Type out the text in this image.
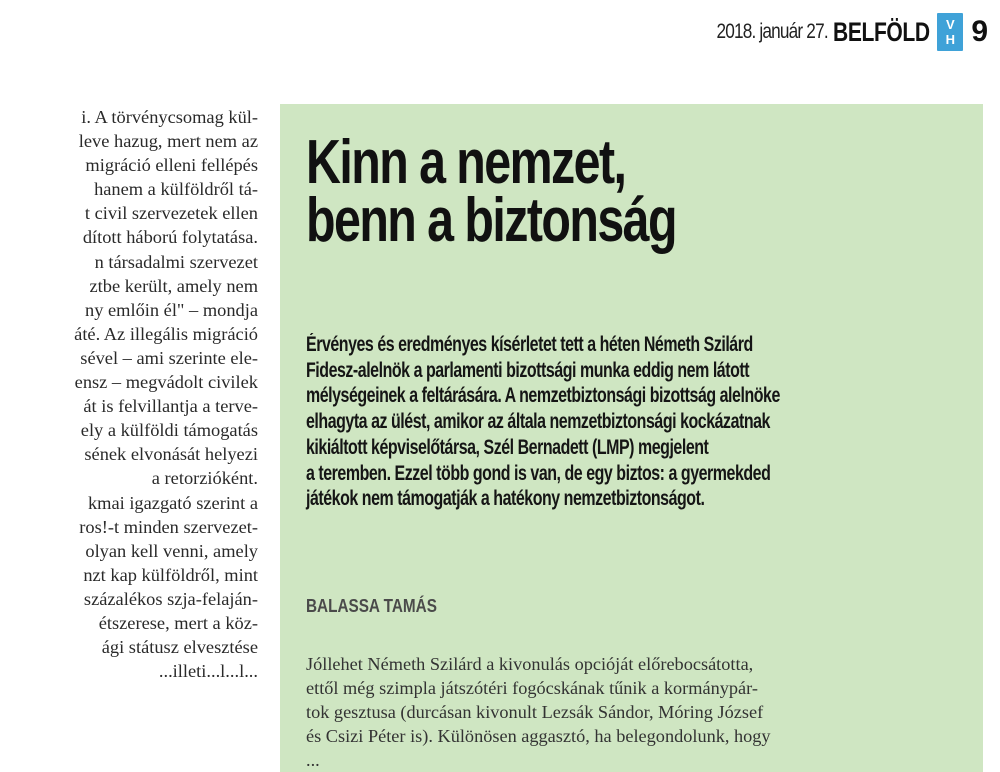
2018. január 27. BELFÖLD V
H 9
i. A törvénycsomag kül-
leve hazug, mert nem az
migráció elleni fellépés
hanem a külföldről tá-
t civil szervezetek ellen
dított háború folytatása.
n társadalmi szervezet
ztbe került, amely nem
ny emlőin él" – mondja
áté. Az illegális migráció
sével – ami szerinte ele-
ensz – megvádolt civilek
át is felvillantja a terve-
ely a külföldi támogatás
sének elvonását helyezi
a retorzióként.
kmai igazgató szerint a
ros!-t minden szervezet-
olyan kell venni, amely
nzt kap külföldről, mint
százalékos szja-felaján-
étszerese, mert a köz-
ági státusz elvesztése
...illeti...l...l...
Kinn a nemzet,
benn a biztonság
Érvényes és eredményes kísérletet tett a héten Németh Szilárd
Fidesz-alelnök a parlamenti bizottsági munka eddig nem látott
mélységeinek a feltárására. A nemzetbiztonsági bizottság alelnöke
elhagyta az ülést, amikor az általa nemzetbiztonsági kockázatnak
kikiáltott képviselőtársa, Szél Bernadett (LMP) megjelent
a teremben. Ezzel több gond is van, de egy biztos: a gyermekded
játékok nem támogatják a hatékony nemzetbiztonságot.
BALASSA TAMÁS
Jóllehet Németh Szilárd a kivonulás opcióját előrebocsátotta,
ettől még szimpla játszótéri fogócskának tűnik a kormánypár-
tok gesztusa (durcásan kivonult Lezsák Sándor, Móring József
és Csizi Péter is). Különösen aggasztó, ha belegondolunk, hogy
...
